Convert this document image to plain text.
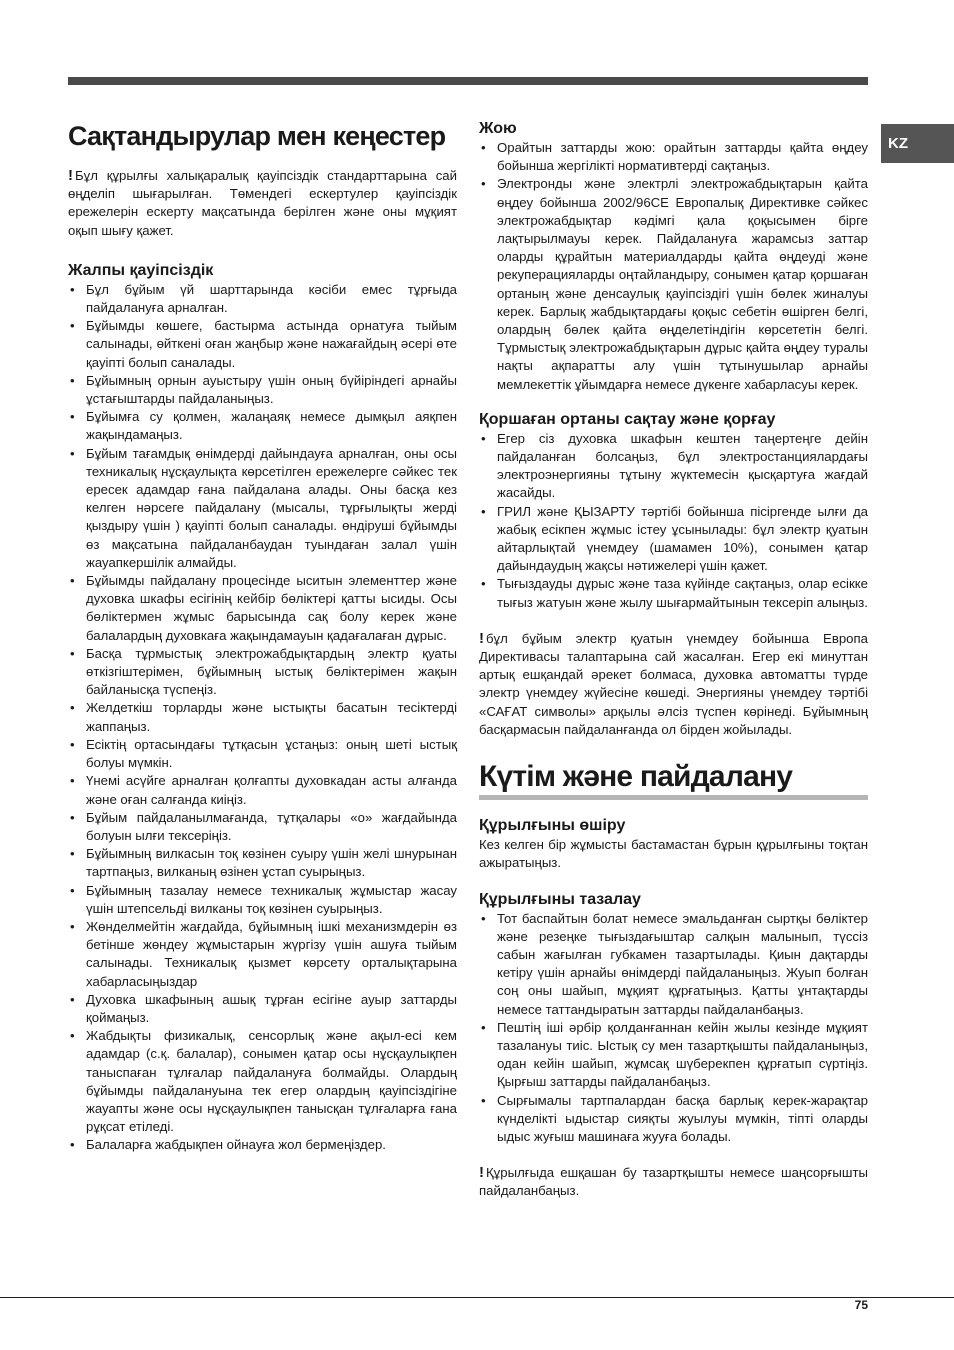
KZ
Сақтандырулар мен кеңестер

! Бұл құрылғы халықаралық қауіпсіздік стандарттарына сай өңделіп шығарылған. Төмендегі ескертулер қауіпсіздік ережелерін ескерту мақсатында берілген және оны мұқият оқып шығу қажет.

Жалпы қауіпсіздік
• Бұл бұйым үй шарттарында кәсіби емес тұрғыда пайдалануға арналған.
• Бұйымды көшеге, бастырма астында орнатуға тыйым салынады, өйткені оған жаңбыр және нажағайдың әсері өте қауіпті болып саналады.
• Бұйымның орнын ауыстыру үшін оның бүйіріндегі арнайы ұстағыштарды пайдаланыңыз.
• Бұйымға су қолмен, жалаңаяқ немесе дымқыл аяқпен жақындамаңыз.
• Бұйым тағамдық өнімдерді дайындауға арналған, оны осы техникалық нұсқаулықта көрсетілген ережелерге сәйкес тек ересек адамдар ғана пайдалана алады. Оны басқа кез келген нәрсеге пайдалану (мысалы, тұрғылықты жерді қыздыру үшін ) қауіпті болып саналады. өндіруші бұйымды өз мақсатына пайдаланбаудан туындаған залал үшін жауапкершілік алмайды.
• Бұйымды пайдалану процесінде ыситын элементтер және духовка шкафы есігінің кейбір бөліктері қатты ысиды. Осы бөліктермен жұмыс барысында сақ болу керек және балалардың духовкаға жақындамауын қадағалаған дұрыс.
• Басқа тұрмыстық электрожабдықтардың электр қуаты өткізгіштерімен, бұйымның ыстық бөліктерімен жақын байланысқа түспеңіз.
• Желдеткіш торларды және ыстықты басатын тесіктерді жаппаңыз.
• Есіктің ортасындағы тұтқасын ұстаңыз: оның шеті ыстық болуы мүмкін.
• Үнемі асүйге арналған қолғапты духовкадан асты алғанда және оған салғанда киіңіз.
• Бұйым пайдаланылмағанда, тұтқалары «о» жағдайында болуын ылғи тексеріңіз.
• Бұйымның вилкасын тоқ көзінен суыру үшін желі шнурынан тартпаңыз, вилканың өзінен ұстап суырыңыз.
• Бұйымның тазалау немесе техникалық жұмыстар жасау үшін штепсельді вилканы тоқ көзінен суырыңыз.
• Жөнделмейтін жағдайда, бұйымның ішкі механизмдерін өз бетінше жөндеу жұмыстарын жүргізу үшін ашуға тыйым салынады. Техникалық қызмет көрсету орталықтарына хабарласыңыздар
• Духовка шкафының ашық тұрған есігіне ауыр заттарды қоймаңыз.
• Жабдықты физикалық, сенсорлық және ақыл-есі кем адамдар (с.қ. балалар), сонымен қатар осы нұсқаулықпен таныспаған тұлғалар пайдалануға болмайды. Олардың бұйымды пайдалануына тек егер олардың қауіпсіздігіне жауапты және осы нұсқаулықпен танысқан тұлғаларға ғана рұқсат етіледі.
• Балаларға жабдықпен ойнауға жол бермеңіздер.
Жою
• Орайтын заттарды жою: орайтын заттарды қайта өңдеу бойынша жергілікті нормативтерді сақтаңыз.
• Электронды және электрлі электрожабдықтарын қайта өңдеу бойынша 2002/96CE Европалық Директивке сәйкес электрожабдықтар кәдімгі қала қоқысымен бірге лақтырылмауы керек. Пайдалануға жарамсыз заттар оларды құрайтын материалдарды қайта өңдеуді және рекуперацияларды оңтайландыру, сонымен қатар қоршаған ортаның және денсаулық қауіпсіздігі үшін бөлек жиналуы керек. Барлық жабдықтардағы қоқыс себетін өшірген белгі, олардың бөлек қайта өңделетіндігін көрсететін белгі. Тұрмыстық электрожабдықтарын дұрыс қайта өңдеу туралы нақты ақпаратты алу үшін тұтынушылар арнайы мемлекеттік ұйымдарға немесе дүкенге хабарласуы керек.
Қоршаған ортаны сақтау және қорғау
• Егер сіз духовка шкафын кештен таңертеңге дейін пайдаланған болсаңыз, бұл электростанциялардағы электроэнергияны тұтыну жүктемесін қысқартуға жағдай жасайды.
• ГРИЛ және ҚЫЗАРТУ тәртібі бойынша пісіргенде ылғи да жабық есікпен жұмыс істеу ұсынылады: бұл электр қуатын айтарлықтай үнемдеу (шамамен 10%), сонымен қатар дайындаудың жақсы нәтижелері үшін қажет.
• Тығыздауды дұрыс және таза күйінде сақтаңыз, олар есікке тығыз жатуын және жылу шығармайтынын тексеріп алыңыз.

! бұл бұйым электр қуатын үнемдеу бойынша Европа Директивасы талаптарына сай жасалған. Егер екі минуттан артық ешқандай әрекет болмаса, духовка автоматты түрде электр үнемдеу жүйесіне көшеді. Энергияны үнемдеу тәртібі «САҒАТ символы» арқылы әлсіз түспен көрінеді. Бұйымның басқармасын пайдаланғанда ол бірден жойылады.

Күтім және пайдалану
Құрылғыны өшіру

Кез келген бір жұмысты бастамастан бұрын құрылғыны тоқтан ажыратыңыз.

Құрылғыны тазалау
• Тот баспайтын болат немесе эмальданған сыртқы бөліктер және резеңке тығыздағыштар салқын малынып, түссіз сабын жағылған губкамен тазартылады. Қиын дақтарды кетіру үшін арнайы өнімдерді пайдаланыңыз. Жуып болған соң оны шайып, мұқият құрғатыңыз. Қатты ұнтақтарды немесе таттандыратын заттарды пайдаланбаңыз.
• Пештің іші әрбір қолданғаннан кейін жылы кезінде мұқият тазалануы тиіс. Ыстық су мен тазартқышты пайдаланыңыз, одан кейін шайып, жұмсақ шүберекпен құрғатып сүртіңіз. Қырғыш заттарды пайдаланбаңыз.
• Сырғымалы тартпалардан басқа барлық керек-жарақтар күнделікті ыдыстар сияқты жуылуы мүмкін, тіпті оларды ыдыс жуғыш машинаға жууға болады.

! Құрылғыда ешқашан бу тазартқышты немесе шаңсорғышты пайдаланбаңыз.

75
